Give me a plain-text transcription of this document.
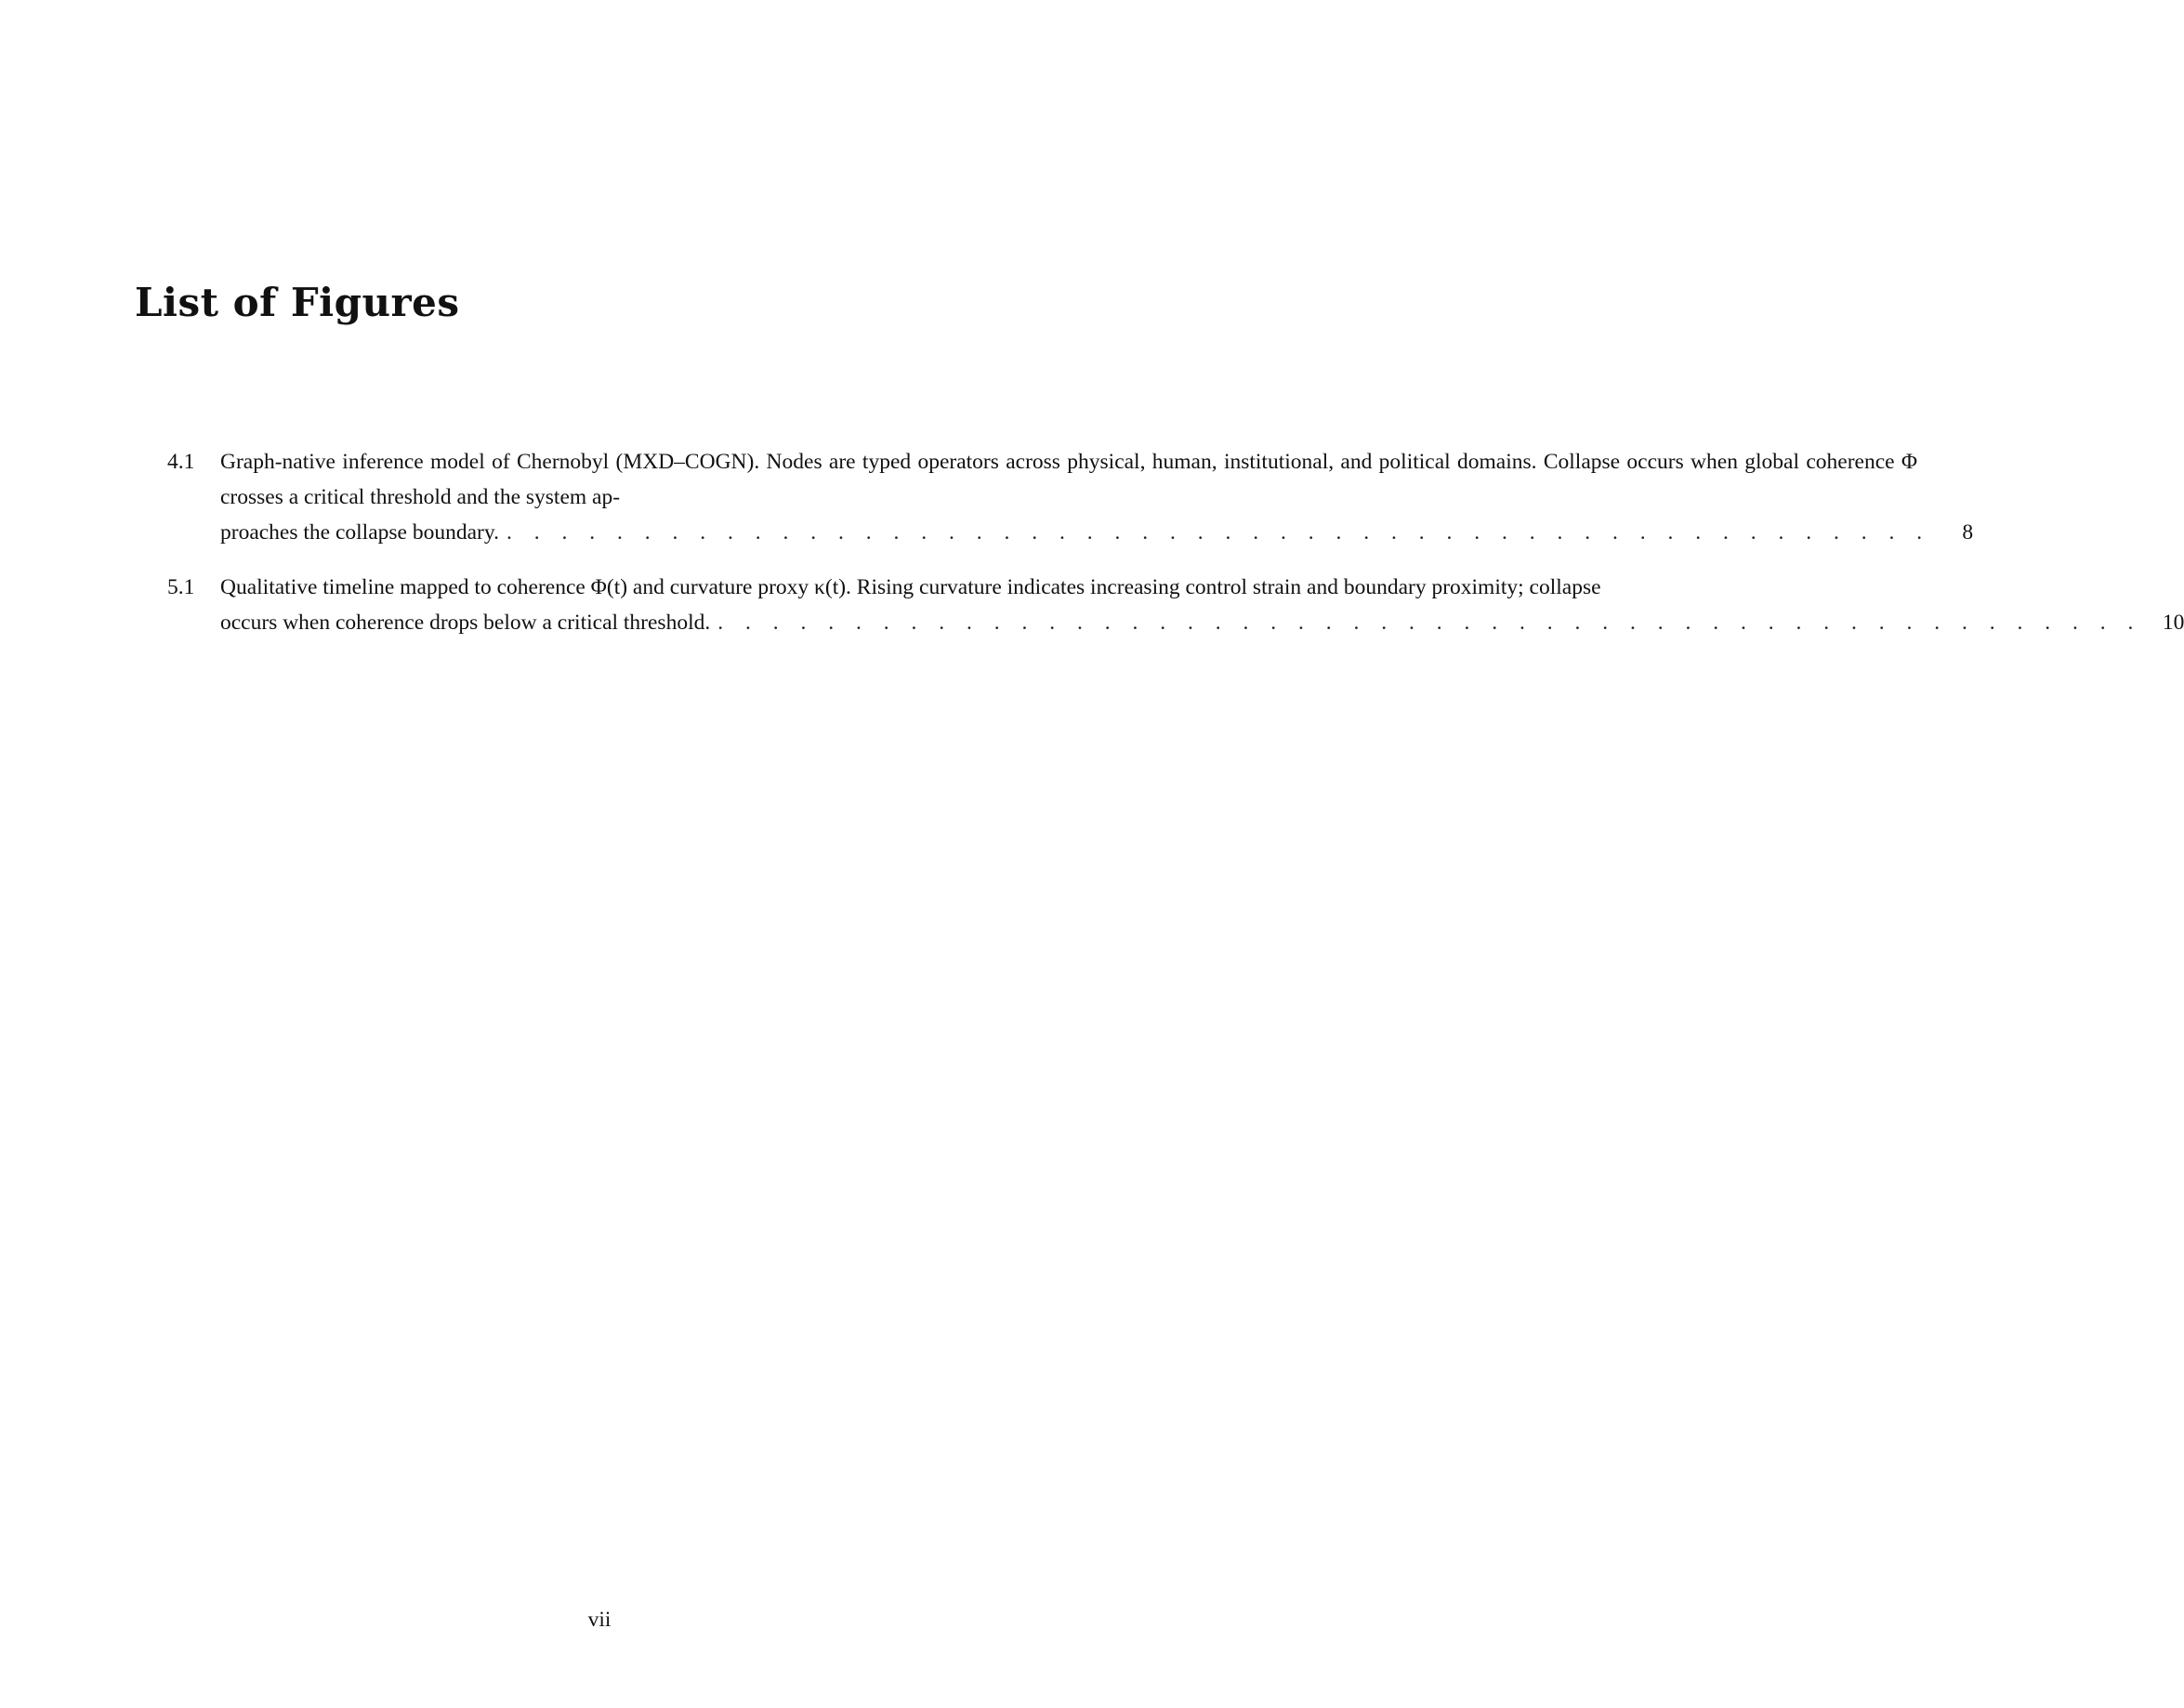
List of Figures
4.1	Graph-native inference model of Chernobyl (MXD–COGN). Nodes are typed operators across physical, human, institutional, and political domains. Collapse occurs when global coherence Φ crosses a critical threshold and the system ap-
proaches the collapse boundary. . . . . . . . . . . . . . . . . . . . . . . . . . . . . . . . . . . . . . . . . . . . . . . . . . . . .	8
5.1	Qualitative timeline mapped to coherence Φ(t) and curvature proxy κ(t). Rising curvature indicates increasing control strain and boundary proximity; collapse
occurs when coherence drops below a critical threshold. . . . . . . . . . . . . . . . . . . . . . . . . . . . . . . . . . . . . . . . . . . . . . . . . . . . . 10
vii
